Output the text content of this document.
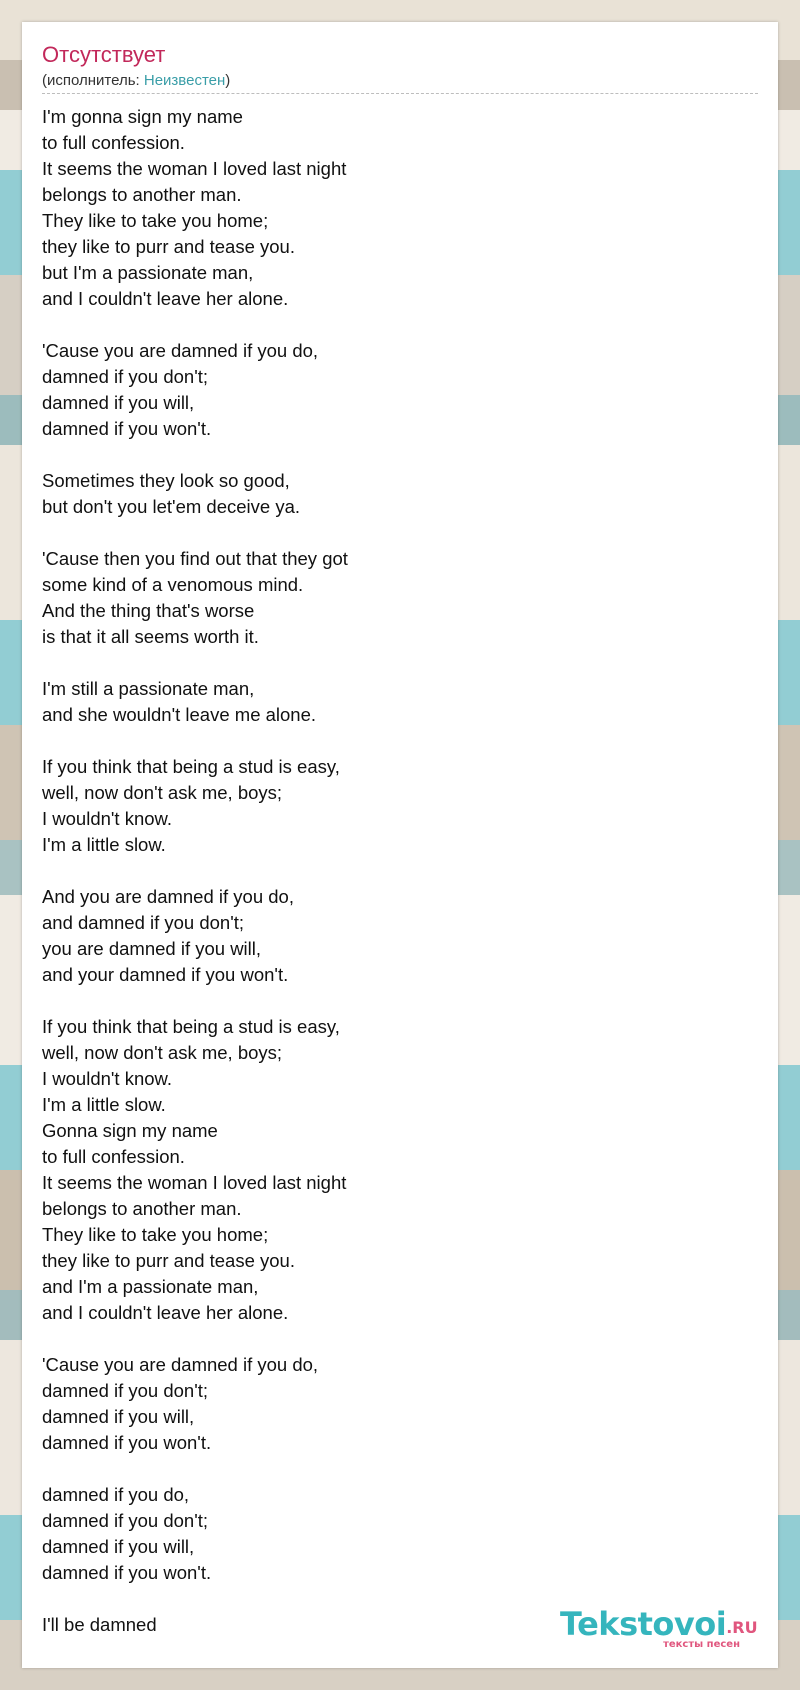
Отсутствует
(исполнитель: Неизвестен)
I'm gonna sign my name
to full confession.
It seems the woman I loved last night
belongs to another man.
They like to take you home;
they like to purr and tease you.
but I'm a passionate man,
and I couldn't leave her alone.

'Cause you are damned if you do,
damned if you don't;
damned if you will,
damned if you won't.

Sometimes they look so good,
but don't you let'em deceive ya.

'Cause then you find out that they got
some kind of a venomous mind.
And the thing that's worse
is that it all seems worth it.

I'm still a passionate man,
and she wouldn't leave me alone.

If you think that being a stud is easy,
well, now don't ask me, boys;
I wouldn't know.
I'm a little slow.

And you are damned if you do,
and damned if you don't;
you are damned if you will,
and your damned if you won't.

If you think that being a stud is easy,
well, now don't ask me, boys;
I wouldn't know.
I'm a little slow.
Gonna sign my name
to full confession.
It seems the woman I loved last night
belongs to another man.
They like to take you home;
they like to purr and tease you.
and I'm a passionate man,
and I couldn't leave her alone.

'Cause you are damned if you do,
damned if you don't;
damned if you will,
damned if you won't.

damned if you do,
damned if you don't;
damned if you will,
damned if you won't.

I'll be damned	Tekstovoi.RU
тексты песен
